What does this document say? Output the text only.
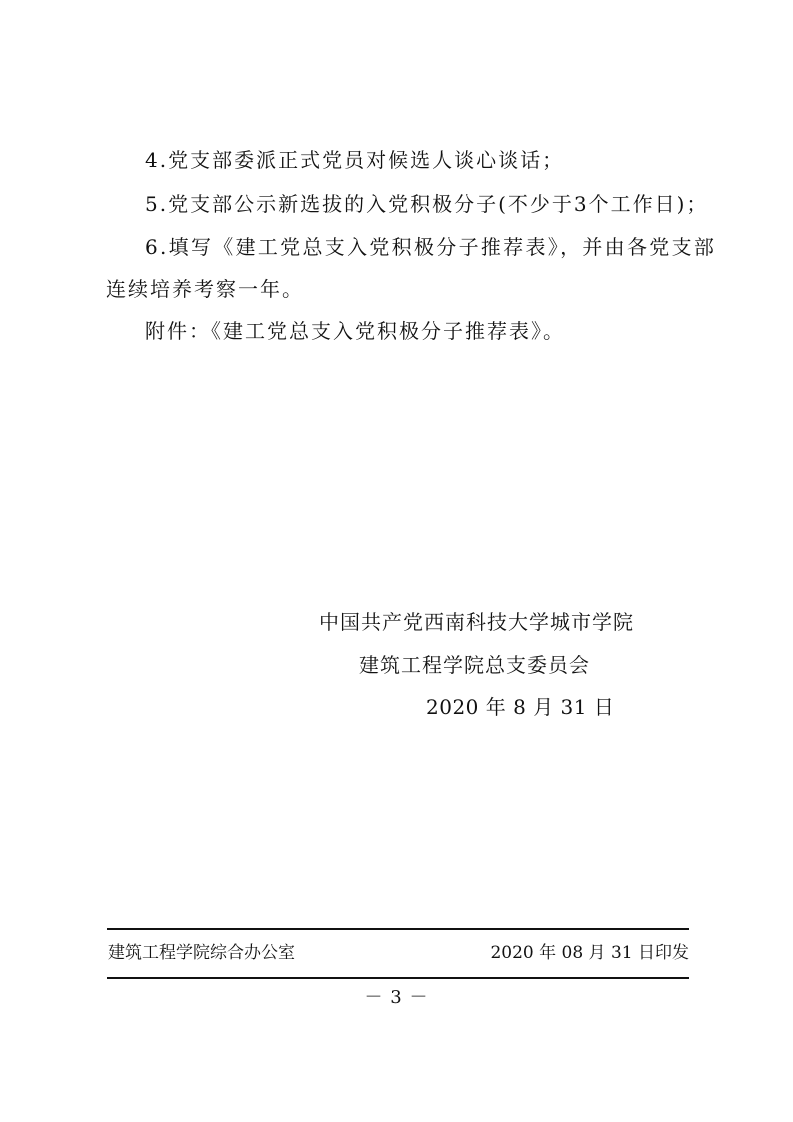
4.党支部委派正式党员对候选人谈心谈话；
5.党支部公示新选拔的入党积极分子(不少于3个工作日)；
6.填写《建工党总支入党积极分子推荐表》，并由各党支部
连续培养考察一年。
附件：《建工党总支入党积极分子推荐表》。
中国共产党西南科技大学城市学院
建筑工程学院总支委员会
2020 年 8 月 31 日
建筑工程学院综合办公室	2020 年 08 月 31 日印发
－ 3 －
